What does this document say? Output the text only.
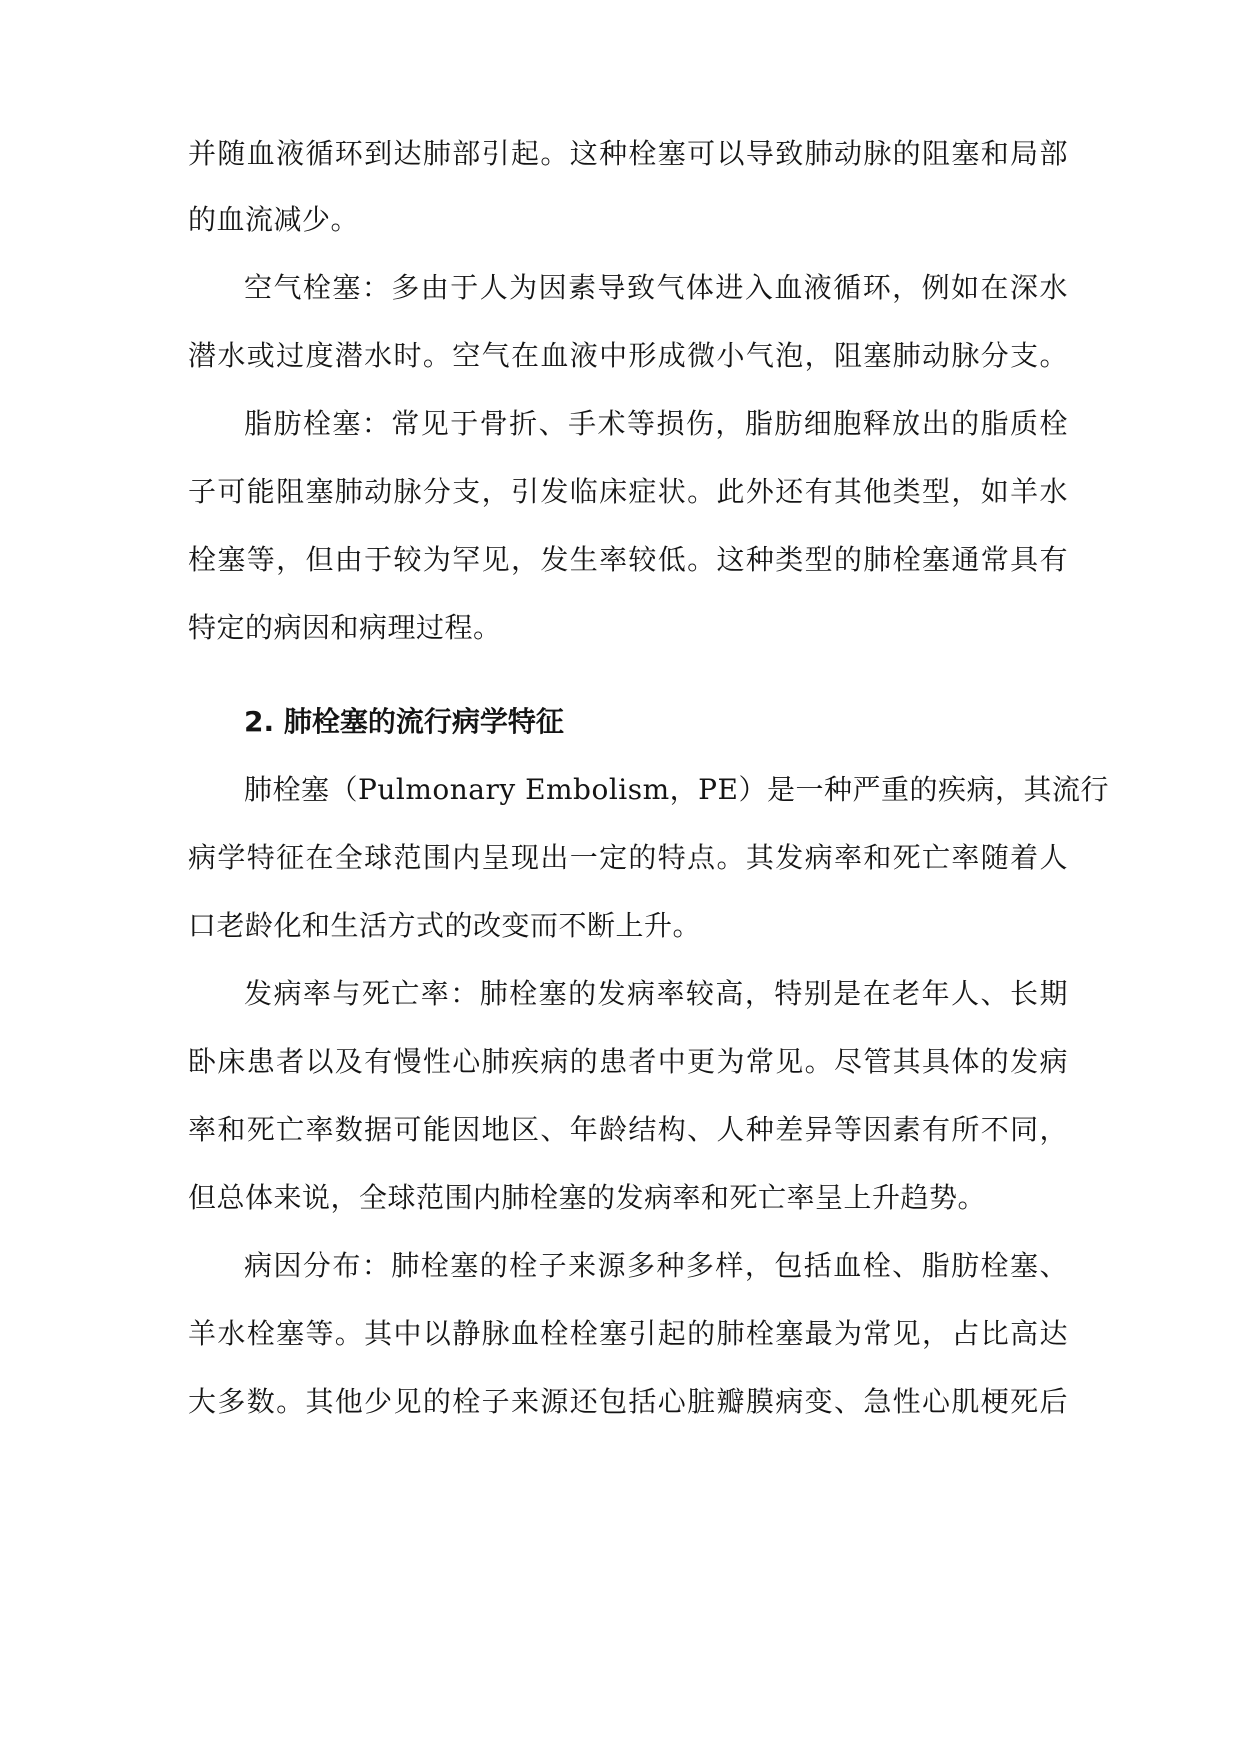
并随血液循环到达肺部引起。这种栓塞可以导致肺动脉的阻塞和局部
的血流减少。
空气栓塞：多由于人为因素导致气体进入血液循环，例如在深水
潜水或过度潜水时。空气在血液中形成微小气泡，阻塞肺动脉分支。
脂肪栓塞：常见于骨折、手术等损伤，脂肪细胞释放出的脂质栓
子可能阻塞肺动脉分支，引发临床症状。此外还有其他类型，如羊水
栓塞等，但由于较为罕见，发生率较低。这种类型的肺栓塞通常具有
特定的病因和病理过程。
2. 肺栓塞的流行病学特征
肺栓塞（Pulmonary Embolism，PE）是一种严重的疾病，其流行
病学特征在全球范围内呈现出一定的特点。其发病率和死亡率随着人
口老龄化和生活方式的改变而不断上升。
发病率与死亡率：肺栓塞的发病率较高，特别是在老年人、长期
卧床患者以及有慢性心肺疾病的患者中更为常见。尽管其具体的发病
率和死亡率数据可能因地区、年龄结构、人种差异等因素有所不同，
但总体来说，全球范围内肺栓塞的发病率和死亡率呈上升趋势。
病因分布：肺栓塞的栓子来源多种多样，包括血栓、脂肪栓塞、
羊水栓塞等。其中以静脉血栓栓塞引起的肺栓塞最为常见，占比高达
大多数。其他少见的栓子来源还包括心脏瓣膜病变、急性心肌梗死后
